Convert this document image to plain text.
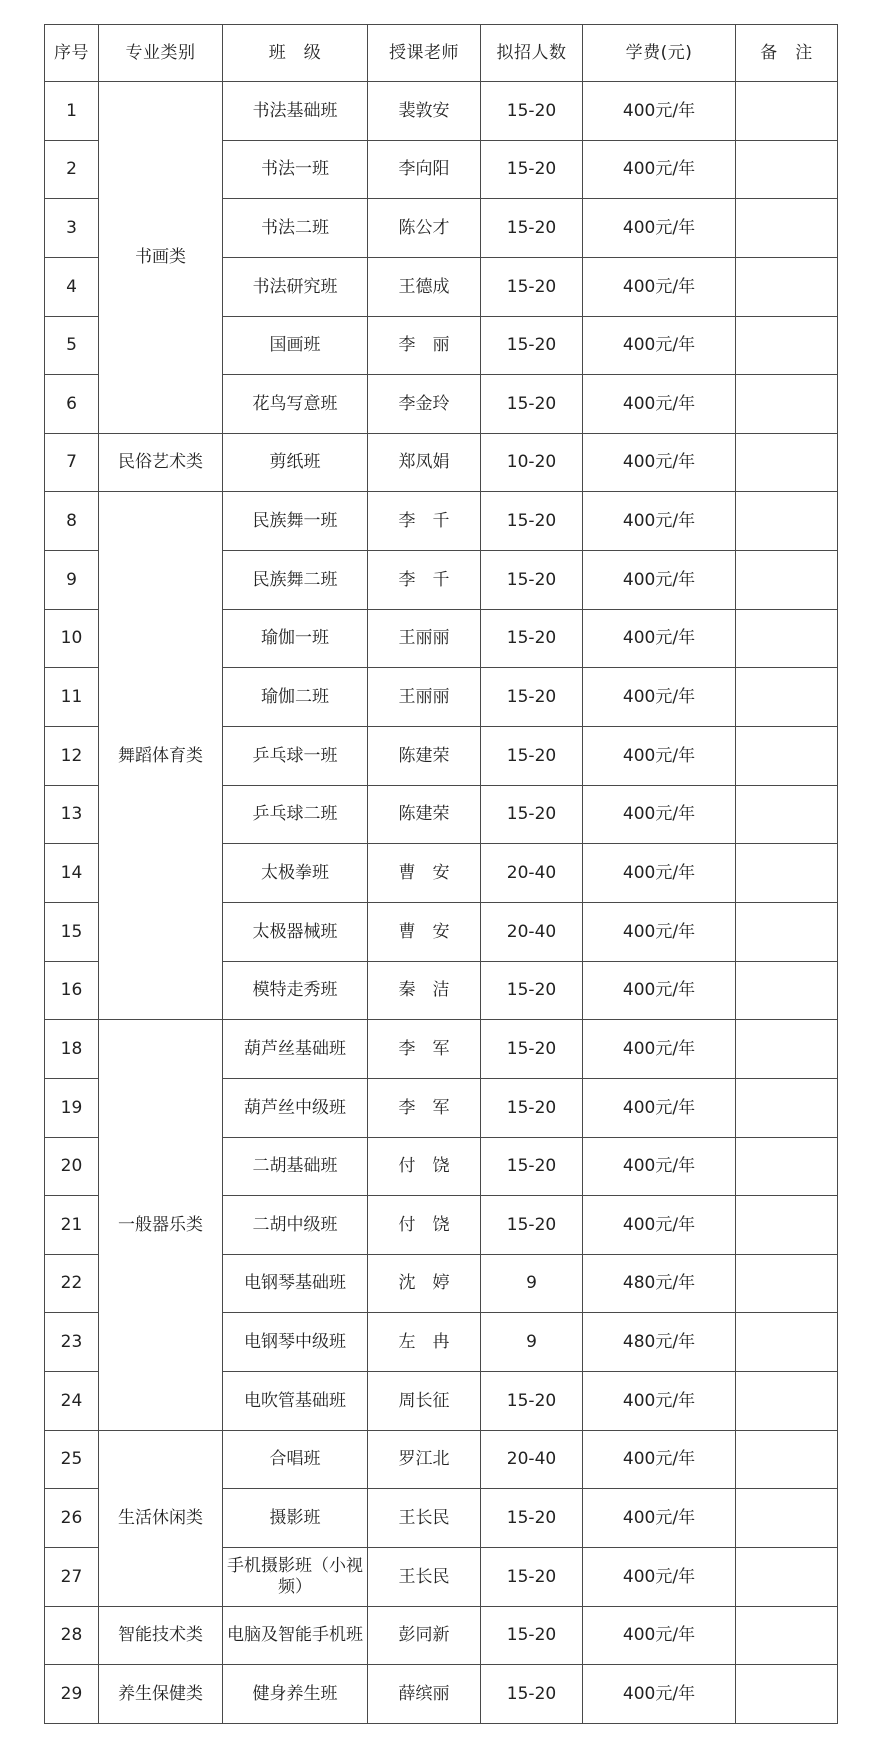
序号	专业类别	班　级	授课老师	拟招人数	学费(元)	备　注
1	书画类	书法基础班	裴敦安	15-20	400元/年	
2		书法一班	李向阳	15-20	400元/年	
3		书法二班	陈公才	15-20	400元/年	
4		书法研究班	王德成	15-20	400元/年	
5		国画班	李　丽	15-20	400元/年	
6		花鸟写意班	李金玲	15-20	400元/年	
7	民俗艺术类	剪纸班	郑凤娟	10-20	400元/年	
8	舞蹈体育类	民族舞一班	李　千	15-20	400元/年	
9		民族舞二班	李　千	15-20	400元/年	
10		瑜伽一班	王丽丽	15-20	400元/年	
11		瑜伽二班	王丽丽	15-20	400元/年	
12		乒乓球一班	陈建荣	15-20	400元/年	
13		乒乓球二班	陈建荣	15-20	400元/年	
14		太极拳班	曹　安	20-40	400元/年	
15		太极器械班	曹　安	20-40	400元/年	
16		模特走秀班	秦　洁	15-20	400元/年	
18	一般器乐类	葫芦丝基础班	李　军	15-20	400元/年	
19		葫芦丝中级班	李　军	15-20	400元/年	
20		二胡基础班	付　饶	15-20	400元/年	
21		二胡中级班	付　饶	15-20	400元/年	
22		电钢琴基础班	沈　婷	9	480元/年	
23		电钢琴中级班	左　冉	9	480元/年	
24		电吹管基础班	周长征	15-20	400元/年	
25	生活休闲类	合唱班	罗江北	20-40	400元/年	
26		摄影班	王长民	15-20	400元/年	
27		手机摄影班（小视频）	王长民	15-20	400元/年	
28	智能技术类	电脑及智能手机班	彭同新	15-20	400元/年	
29	养生保健类	健身养生班	薛缤丽	15-20	400元/年	
